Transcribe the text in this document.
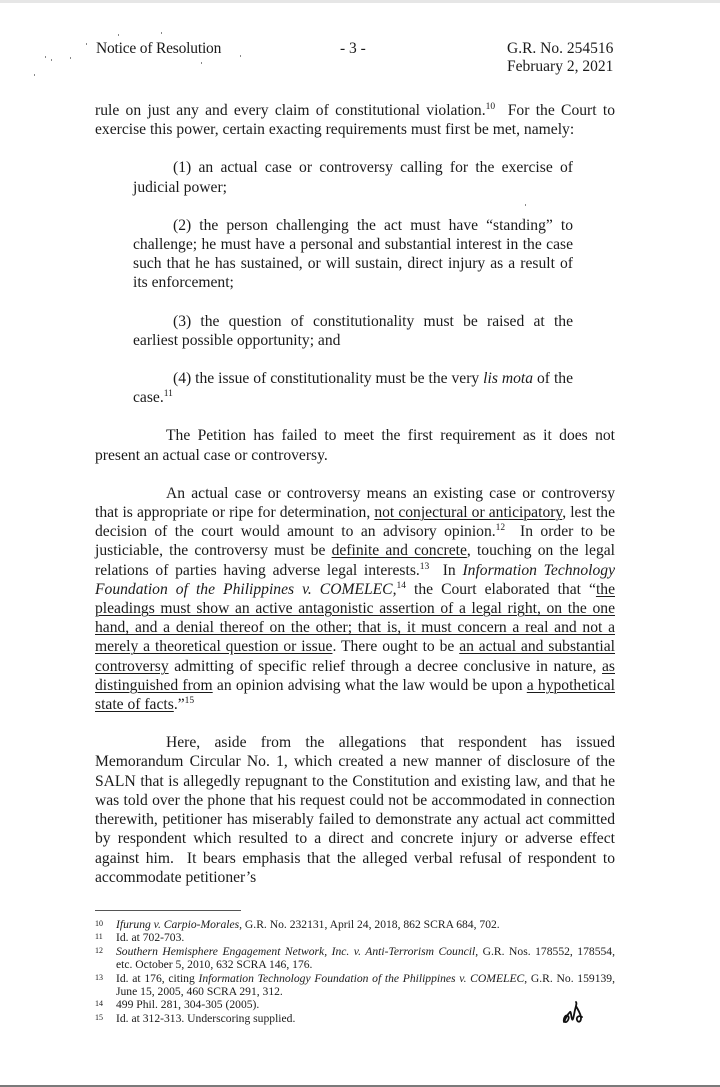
Notice of Resolution	- 3 -	G.R. No. 254516
February 2, 2021

rule on just any and every claim of constitutional violation.$^{10}$  For the Court to exercise this power, certain exacting requirements must first be met, namely:

(1) an actual case or controversy calling for the exercise of judicial power;

(2) the person challenging the act must have “standing” to challenge; he must have a personal and substantial interest in the case such that he has sustained, or will sustain, direct injury as a result of its enforcement;

(3) the question of constitutionality must be raised at the earliest possible opportunity; and

(4) the issue of constitutionality must be the very lis mota of the case.$^{11}$

The Petition has failed to meet the first requirement as it does not present an actual case or controversy.

An actual case or controversy means an existing case or controversy that is appropriate or ripe for determination, not conjectural or anticipatory, lest the decision of the court would amount to an advisory opinion.$^{12}$  In order to be justiciable, the controversy must be definite and concrete, touching on the legal relations of parties having adverse legal interests.$^{13}$  In Information Technology Foundation of the Philippines v. COMELEC,$^{14}$ the Court elaborated that “the pleadings must show an active antagonistic assertion of a legal right, on the one hand, and a denial thereof on the other; that is, it must concern a real and not a merely a theoretical question or issue. There ought to be an actual and substantial controversy admitting of specific relief through a decree conclusive in nature, as distinguished from an opinion advising what the law would be upon a hypothetical state of facts.”$^{15}$

Here, aside from the allegations that respondent has issued Memorandum Circular No. 1, which created a new manner of disclosure of the SALN that is allegedly repugnant to the Constitution and existing law, and that he was told over the phone that his request could not be accommodated in connection therewith, petitioner has miserably failed to demonstrate any actual act committed by respondent which resulted to a direct and concrete injury or adverse effect against him.  It bears emphasis that the alleged verbal refusal of respondent to accommodate petitioner’s

10	Ifurung v. Carpio-Morales, G.R. No. 232131, April 24, 2018, 862 SCRA 684, 702.
11	Id. at 702-703.
12	Southern Hemisphere Engagement Network, Inc. v. Anti-Terrorism Council, G.R. Nos. 178552, 178554, etc. October 5, 2010, 632 SCRA 146, 176.
13	Id. at 176, citing Information Technology Foundation of the Philippines v. COMELEC, G.R. No. 159139, June 15, 2005, 460 SCRA 291, 312.
14	499 Phil. 281, 304-305 (2005).
15	Id. at 312-313. Underscoring supplied.
